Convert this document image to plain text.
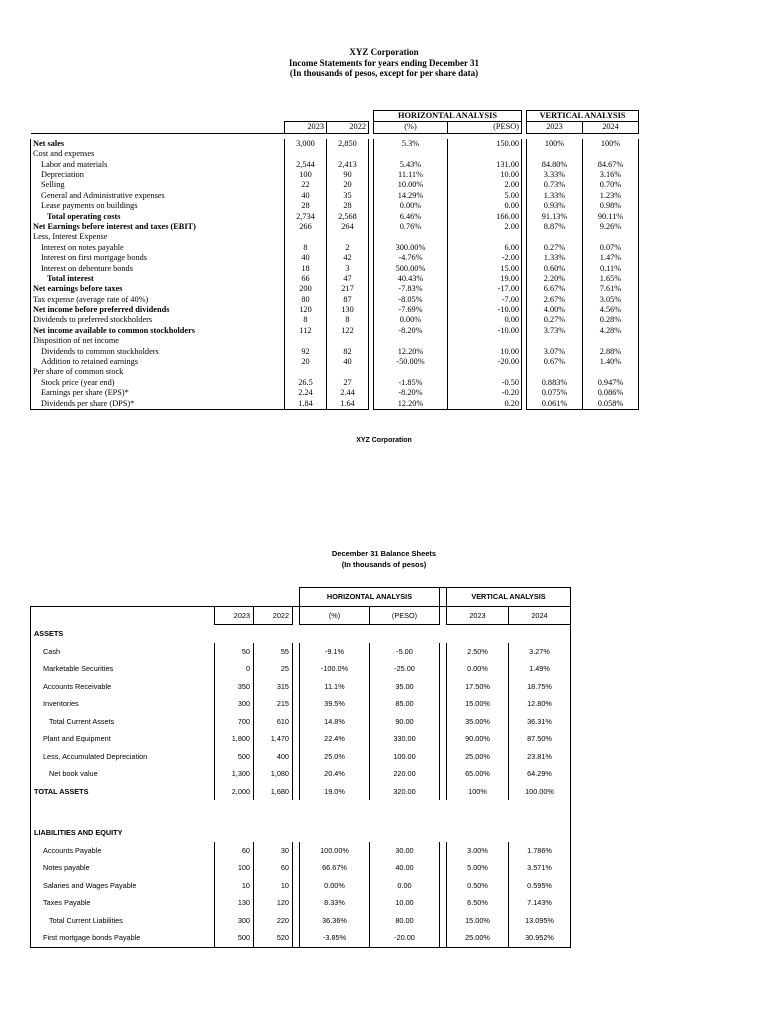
XYZ Corporation
Income Statements for years ending December 31
(In thousands of pesos, except for per share data)
				HORIZONTAL ANALYSIS			VERTICAL ANALYSIS	
	2023	2022		(%)	(PESO)		2023	2024

Net sales	3,000	2,850		5.3%	150.00		100%	100%
Cost and expenses								
Labor and materials	2,544	2,413		5.43%	131.00		84.80%	84.67%
Depreciation	100	90		11.11%	10.00		3.33%	3.16%
Selling	22	20		10.00%	2.00		0.73%	0.70%
General and Administrative expenses	40	35		14.29%	5.00		1.33%	1.23%
Lease payments on buildings	28	28		0.00%	0.00		0.93%	0.98%
Total operating costs	2,734	2,568		6.46%	166.00		91.13%	90.11%
Net Earnings before interest and taxes (EBIT)	266	264		0.76%	2.00		8.87%	9.26%
Less, Interest Expense								
Interest on notes payable	8	2		300.00%	6.00		0.27%	0.07%
Interest on first mortgage bonds	40	42		-4.76%	-2.00		1.33%	1.47%
Interest on debenture bonds	18	3		500.00%	15.00		0.60%	0.11%
Total interest	66	47		40.43%	19.00		2.20%	1.65%
Net earnings before taxes	200	217		-7.83%	-17.00		6.67%	7.61%
Tax expense (average rate of 40%)	80	87		-8.05%	-7.00		2.67%	3.05%
Net income before preferred dividends	120	130		-7.69%	-10.00		4.00%	4.56%
Dividends to preferred stockholders	8	8		0.00%	0.00		0.27%	0.28%
Net income available to common stockholders	112	122		-8.20%	-10.00		3.73%	4.28%
Disposition of net income								
Dividends to common stockholders	92	82		12.20%	10.00		3.07%	2.88%
Addition to retained earnings	20	40		-50.00%	-20.00		0.67%	1.40%
Per share of common stock								
Stock price (year end)	26.5	27		-1.85%	-0.50		0.883%	0.947%
Earnings per share (EPS)*	2.24	2.44		-8.20%	-0.20		0.075%	0.086%
Dividends per share (DPS)*	1.84	1.64		12.20%	0.20		0.061%	0.058%
XYZ Corporation
December 31 Balance Sheets
(In thousands of pesos)
				HORIZONTAL ANALYSIS			VERTICAL ANALYSIS	
	2023	2022		(%)	(PESO)		2023	2024
ASSETS								
Cash	50	55		-9.1%	-5.00		2.50%	3.27%
Marketable Securities	0	25		-100.0%	-25.00		0.00%	1.49%
Accounts Receivable	350	315		11.1%	35.00		17.50%	18.75%
Inventories	300	215		39.5%	85.00		15.00%	12.80%
Total Current Assets	700	610		14.8%	90.00		35.00%	36.31%
Plant and Equipment	1,800	1,470		22.4%	330.00		90.00%	87.50%
Less, Accumulated Depreciation	500	400		25.0%	100.00		25.00%	23.81%
Net book value	1,300	1,080		20.4%	220.00		65.00%	64.29%
TOTAL ASSETS	2,000	1,680		19.0%	320.00		100%	100.00%

LIABILITIES AND EQUITY								
Accounts Payable	60	30		100.00%	30.00		3.00%	1.786%
Notes payable	100	60		66.67%	40.00		5.00%	3.571%
Salaries and Wages Payable	10	10		0.00%	0.00		0.50%	0.595%
Taxes Payable	130	120		8.33%	10.00		6.50%	7.143%
Total Current Liabilities	300	220		36.36%	80.00		15.00%	13.095%
First mortgage bonds Payable	500	520		-3.85%	-20.00		25.00%	30.952%
